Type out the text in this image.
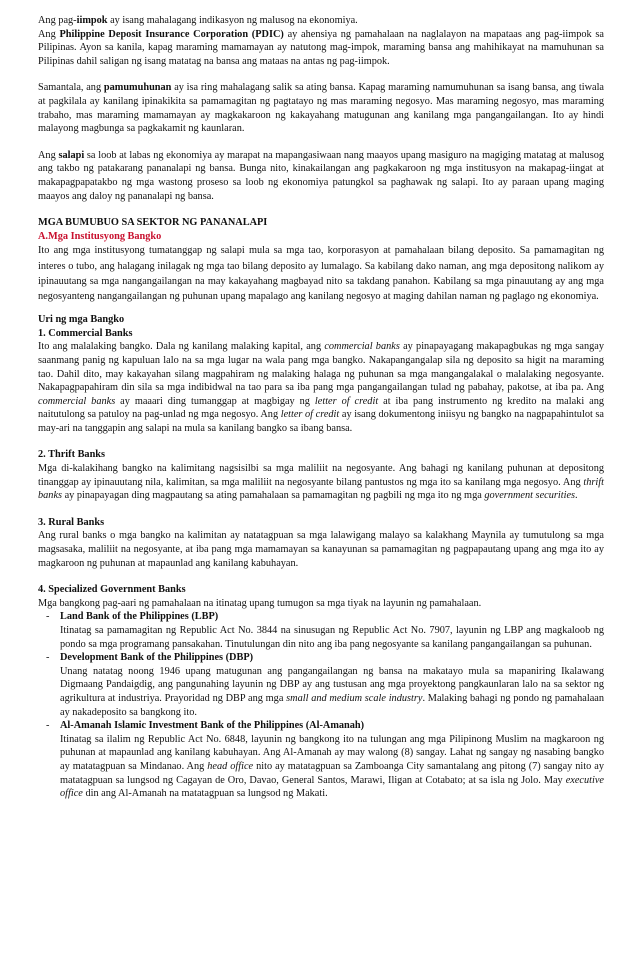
Ang pag-iimpok ay isang mahalagang indikasyon ng malusog na ekonomiya.

Ang Philippine Deposit Insurance Corporation (PDIC) ay ahensiya ng pamahalaan na naglalayon na mapataas ang pag-iimpok sa Pilipinas. Ayon sa kanila, kapag maraming mamamayan ay natutong mag-impok, maraming bansa ang mahihikayat na mamuhunan sa Pilipinas dahil saligan ng isang matatag na bansa ang mataas na antas ng pag-iimpok.

Samantala, ang pamumuhunan ay isa ring mahalagang salik sa ating bansa. Kapag maraming namumuhunan sa isang bansa, ang tiwala at pagkilala ay kanilang ipinakikita sa pamamagitan ng pagtatayo ng mas maraming negosyo. Mas maraming negosyo, mas maraming trabaho, mas maraming mamamayan ay magkakaroon ng kakayahang matugunan ang kanilang mga pangangailangan. Ito ay hindi malayong magbunga sa pagkakamit ng kaunlaran.

Ang salapi sa loob at labas ng ekonomiya ay marapat na mapangasiwaan nang maayos upang masiguro na magiging matatag at malusog ang takbo ng patakarang pananalapi ng bansa. Bunga nito, kinakailangan ang pagkakaroon ng mga institusyon na makapag-iingat at makapagpapatakbo ng mga wastong proseso sa loob ng ekonomiya patungkol sa paghawak ng salapi. Ito ay paraan upang maging maayos ang daloy ng pananalapi ng bansa.

MGA BUMUBUO SA SEKTOR NG PANANALAPI

A.Mga Institusyong Bangko

Ito ang mga institusyong tumatanggap ng salapi mula sa mga tao, korporasyon at pamahalaan bilang deposito. Sa pamamagitan ng interes o tubo, ang halagang inilagak ng mga tao bilang deposito ay lumalago. Sa kabilang dako naman, ang mga depositong nalikom ay ipinauutang sa mga nangangailangan na may kakayahang magbayad nito sa takdang panahon. Kabilang sa mga pinauutang ay ang mga negosyanteng nangangailangan ng puhunan upang mapalago ang kanilang negosyo at maging dahilan naman ng paglago ng ekonomiya.

Uri ng mga Bangko

1. Commercial Banks

Ito ang malalaking bangko. Dala ng kanilang malaking kapital, ang commercial banks ay pinapayagang makapagbukas ng mga sangay saanmang panig ng kapuluan lalo na sa mga lugar na wala pang mga bangko. Nakapangangalap sila ng deposito sa higit na maraming tao. Dahil dito, may kakayahan silang magpahiram ng malaking halaga ng puhunan sa mga mangangalakal o malalaking negosyante. Nakapagpapahiram din sila sa mga indibidwal na tao para sa iba pang mga pangangailangan tulad ng pabahay, pakotse, at iba pa. Ang commercial banks ay maaari ding tumanggap at magbigay ng letter of credit at iba pang instrumento ng kredito na malaki ang naitutulong sa patuloy na pag-unlad ng mga negosyo. Ang letter of credit ay isang dokumentong iniisyu ng bangko na nagpapahintulot sa may-ari na tanggapin ang salapi na mula sa kanilang bangko sa ibang bansa.

2. Thrift Banks

Mga di-kalakihang bangko na kalimitang nagsisilbi sa mga maliliit na negosyante. Ang bahagi ng kanilang puhunan at depositong tinanggap ay ipinauutang nila, kalimitan, sa mga maliliit na negosyante bilang pantustos ng mga ito sa kanilang mga negosyo. Ang thrift banks ay pinapayagan ding magpautang sa ating pamahalaan sa pamamagitan ng pagbili ng mga ito ng mga government securities.

3. Rural Banks

Ang rural banks o mga bangko na kalimitan ay natatagpuan sa mga lalawigang malayo sa kalakhang Maynila ay tumutulong sa mga magsasaka, maliliit na negosyante, at iba pang mga mamamayan sa kanayunan sa pamamagitan ng pagpapautang upang ang mga ito ay magkaroon ng puhunan at mapaunlad ang kanilang kabuhayan.

4. Specialized Government Banks

Mga bangkong pag-aari ng pamahalaan na itinatag upang tumugon sa mga tiyak na layunin ng pamahalaan.

-	Land Bank of the Philippines (LBP)

Itinatag sa pamamagitan ng Republic Act No. 3844 na sinusugan ng Republic Act No. 7907, layunin ng LBP ang magkaloob ng pondo sa mga programang pansakahan. Tinutulungan din nito ang iba pang negosyante sa kanilang pangangailangan sa puhunan.

-	Development Bank of the Philippines (DBP)

Unang natatag noong 1946 upang matugunan ang pangangailangan ng bansa na makatayo mula sa mapaniring Ikalawang Digmaang Pandaigdig, ang pangunahing layunin ng DBP ay ang tustusan ang mga proyektong pangkaunlaran lalo na sa sektor ng agrikultura at industriya. Prayoridad ng DBP ang mga small and medium scale industry. Malaking bahagi ng pondo ng pamahalaan ay nakadeposito sa bangkong ito.

-	Al-Amanah Islamic Investment Bank of the Philippines (Al-Amanah)

Itinatag sa ilalim ng Republic Act No. 6848, layunin ng bangkong ito na tulungan ang mga Pilipinong Muslim na magkaroon ng puhunan at mapaunlad ang kanilang kabuhayan. Ang Al-Amanah ay may walong (8) sangay. Lahat ng sangay ng nasabing bangko ay matatagpuan sa Mindanao. Ang head office nito ay matatagpuan sa Zamboanga City samantalang ang pitong (7) sangay nito ay matatagpuan sa lungsod ng Cagayan de Oro, Davao, General Santos, Marawi, Iligan at Cotabato; at sa isla ng Jolo. May executive office din ang Al-Amanah na matatagpuan sa lungsod ng Makati.
